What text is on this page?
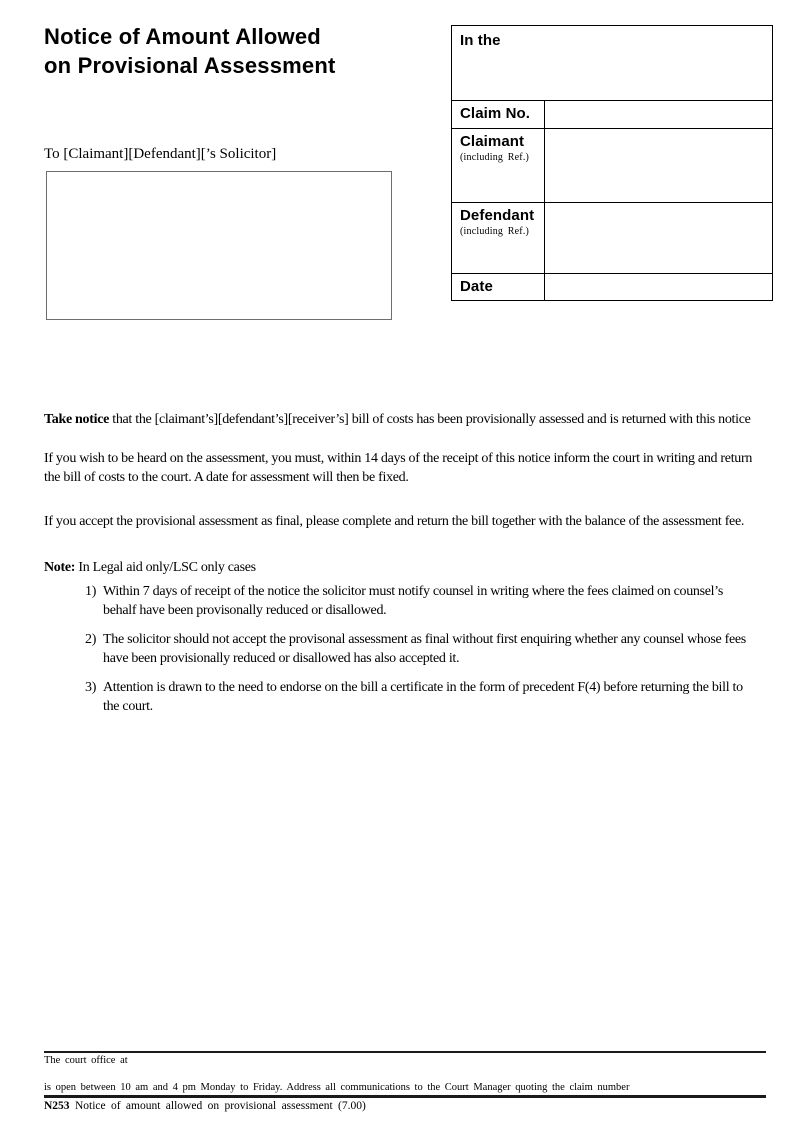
Notice of Amount Allowed
on Provisional Assessment
In the
Claim No.
Claimant
(including Ref.)
Defendant
(including Ref.)
Date
To [Claimant][Defendant][’s Solicitor]

Take notice that the [claimant’s][defendant’s][receiver’s] bill of costs has been provisionally assessed and is returned with this notice

If you wish to be heard on the assessment, you must, within 14 days of the receipt of this notice inform the court in writing and return the bill of costs to the court. A date for assessment will then be fixed.

If you accept the provisional assessment as final, please complete and return the bill together with the balance of the assessment fee.

Note: In Legal aid only/LSC only cases

1) Within 7 days of receipt of the notice the solicitor must notify counsel in writing where the fees claimed on counsel’s behalf have been provisonally reduced or disallowed.
2) The solicitor should not accept the provisonal assessment as final without first enquiring whether any counsel whose fees have been provisionally reduced or disallowed has also accepted it.
3) Attention is drawn to the need to endorse on the bill a certificate in the form of precedent F(4) before returning the bill to the court.
The court office at
is open between 10 am and 4 pm Monday to Friday. Address all communications to the Court Manager quoting the claim number
N253 Notice of amount allowed on provisional assessment (7.00)
